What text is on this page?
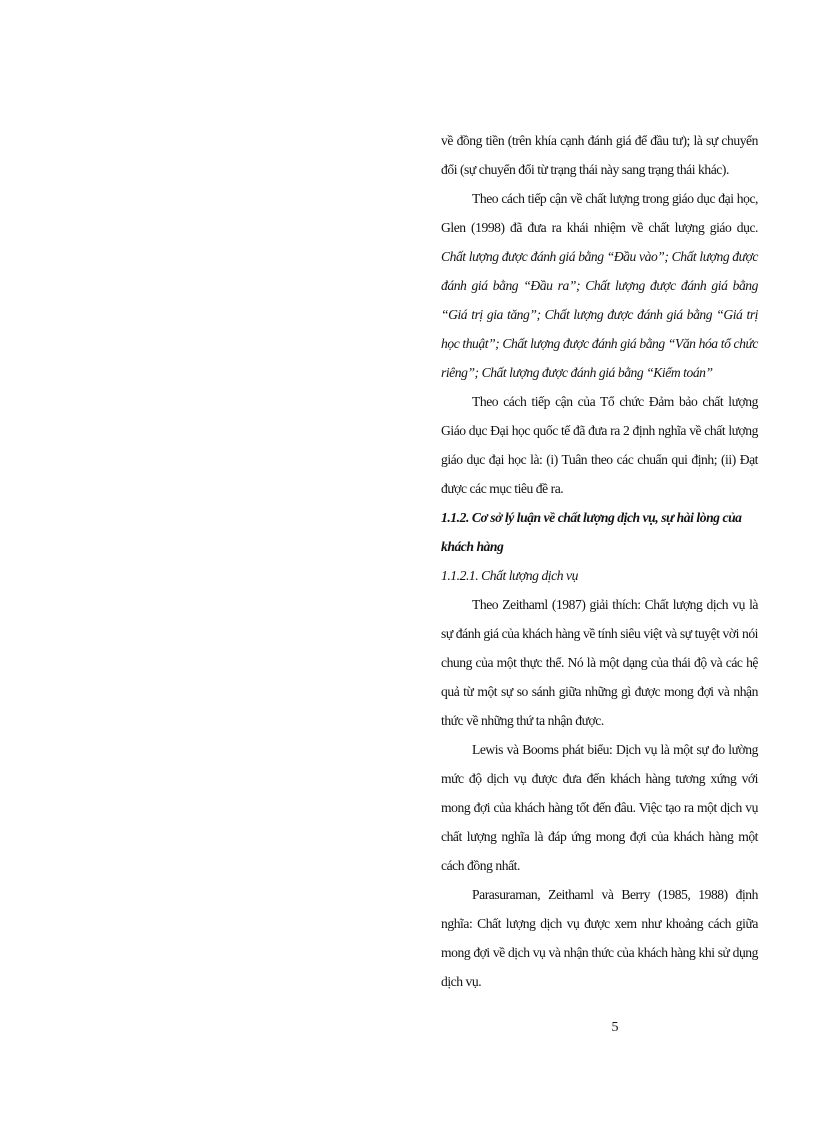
về đồng tiền (trên khía cạnh đánh giá để đầu tư); là sự chuyển đổi (sự chuyển đổi từ trạng thái này sang trạng thái khác).

Theo cách tiếp cận về chất lượng trong giáo dục đại học, Glen (1998) đã đưa ra khái nhiệm về chất lượng giáo dục. Chất lượng được đánh giá bằng “Đầu vào”; Chất lượng được đánh giá bằng “Đầu ra”; Chất lượng được đánh giá bằng “Giá trị gia tăng”; Chất lượng được đánh giá bằng “Giá trị học thuật”; Chất lượng được đánh giá bằng “Văn hóa tổ chức riêng”; Chất lượng được đánh giá bằng “Kiểm toán”

Theo cách tiếp cận của Tổ chức Đảm bảo chất lượng Giáo dục Đại học quốc tế đã đưa ra 2 định nghĩa về chất lượng giáo dục đại học là: (i) Tuân theo các chuẩn qui định; (ii) Đạt được các mục tiêu đề ra.

1.1.2. Cơ sở lý luận về chất lượng dịch vụ, sự hài lòng của khách hàng

1.1.2.1. Chất lượng dịch vụ

Theo Zeithaml (1987) giải thích: Chất lượng dịch vụ là sự đánh giá của khách hàng về tính siêu việt và sự tuyệt vời nói chung của một thực thể. Nó là một dạng của thái độ và các hệ quả từ một sự so sánh giữa những gì được mong đợi và nhận thức về những thứ ta nhận được.

Lewis và Booms phát biểu: Dịch vụ là một sự đo lường mức độ dịch vụ được đưa đến khách hàng tương xứng với mong đợi của khách hàng tốt đến đâu. Việc tạo ra một dịch vụ chất lượng nghĩa là đáp ứng mong đợi của khách hàng một cách đồng nhất.

Parasuraman, Zeithaml và Berry (1985, 1988) định nghĩa: Chất lượng dịch vụ được xem như khoảng cách giữa mong đợi về dịch vụ và nhận thức của khách hàng khi sử dụng dịch vụ.

5
